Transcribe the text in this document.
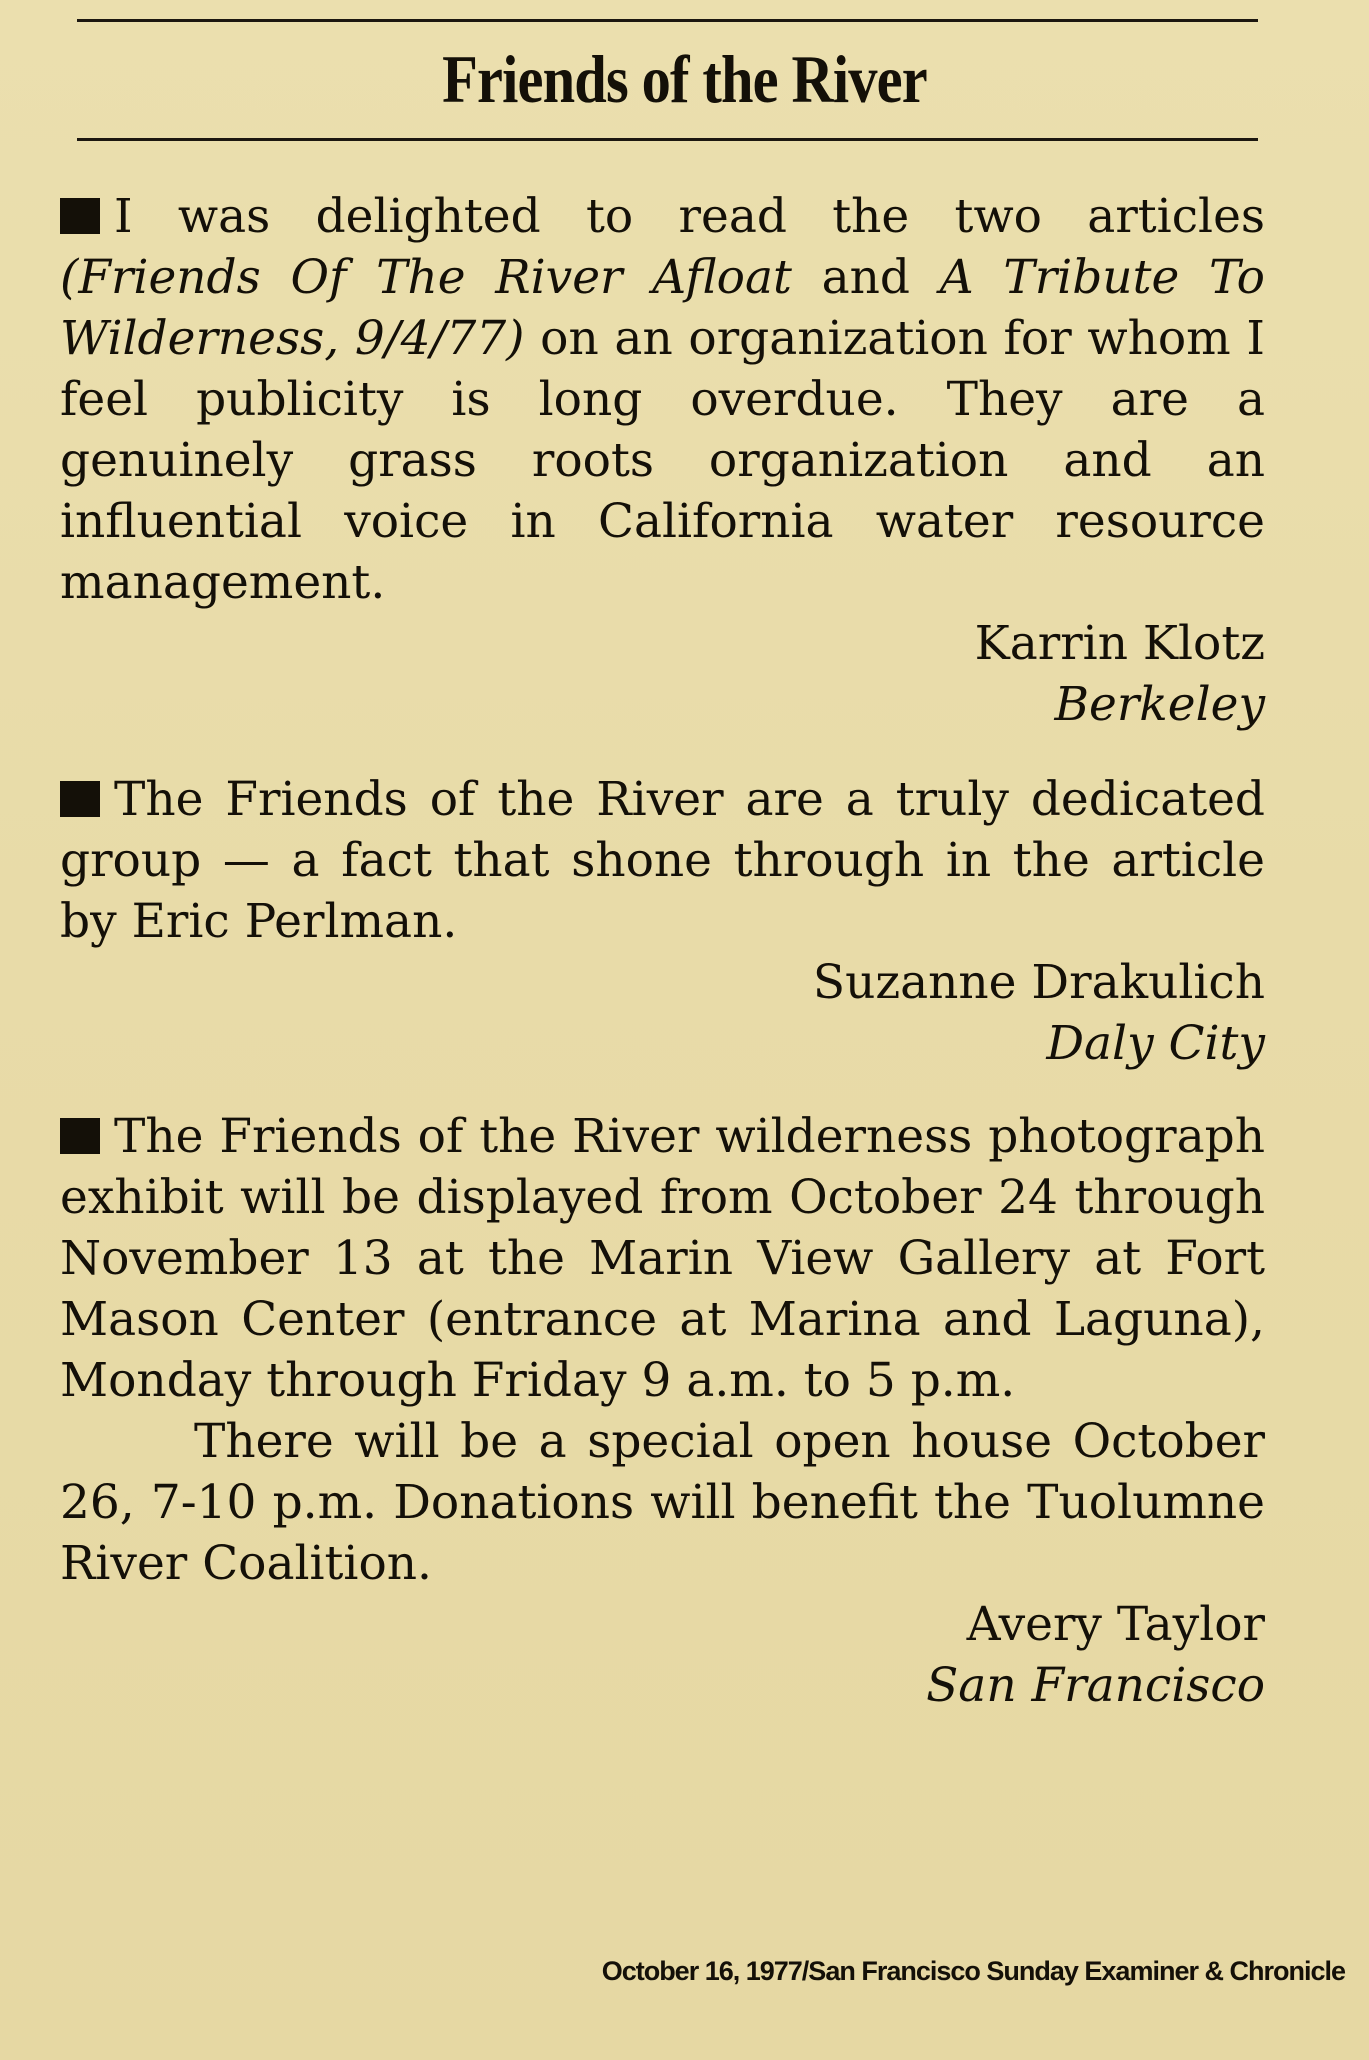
Friends of the River

I was delighted to read the two articles (Friends Of The River Afloat and A Tribute To Wilderness, 9/4/77) on an organization for whom I feel publicity is long overdue. They are a genuinely grass roots organization and an influential voice in California water resource management.

Karrin Klotz
Berkeley

The Friends of the River are a truly dedicated group — a fact that shone through in the article by Eric Perlman.

Suzanne Drakulich
Daly City

The Friends of the River wilderness photograph exhibit will be displayed from October 24 through November 13 at the Marin View Gallery at Fort Mason Center (entrance at Marina and Laguna), Monday through Friday 9 a.m. to 5 p.m.

There will be a special open house October 26, 7-10 p.m. Donations will benefit the Tuolumne River Coalition.

Avery Taylor
San Francisco
October 16, 1977/San Francisco Sunday Examiner & Chronicle
